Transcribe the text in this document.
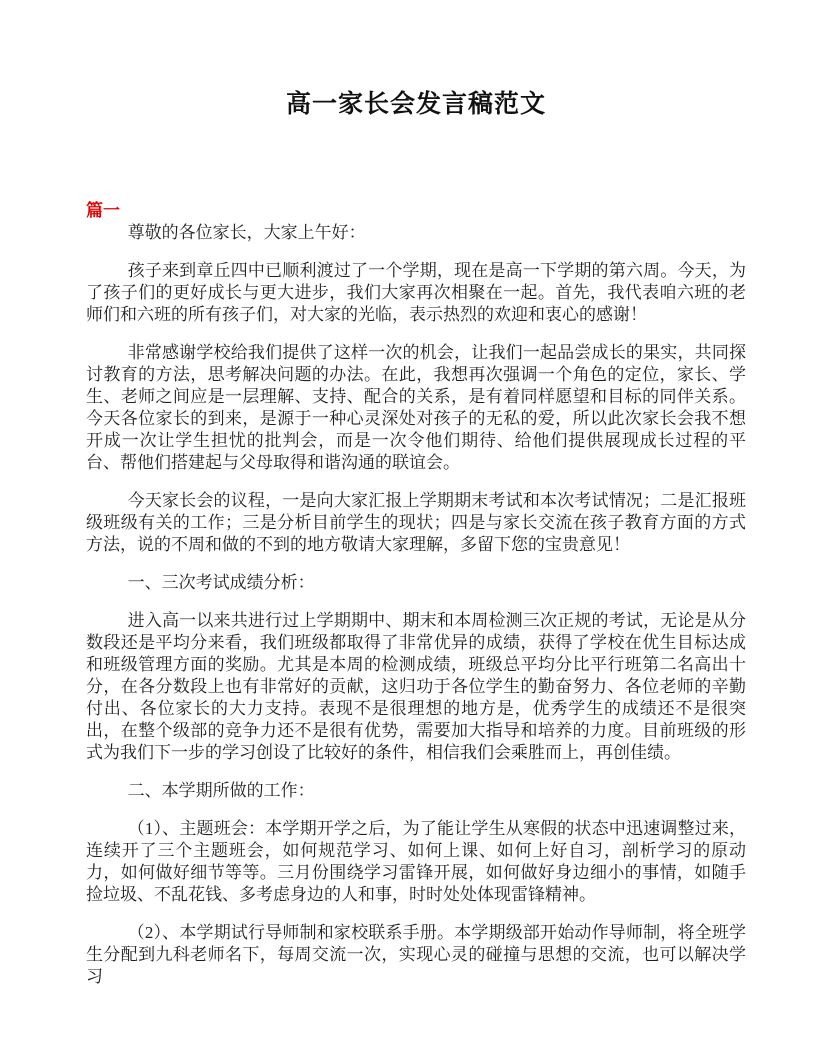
高一家长会发言稿范文
篇一

尊敬的各位家长，大家上午好：

孩子来到章丘四中已顺利渡过了一个学期，现在是高一下学期的第六周。今天，为了孩子们的更好成长与更大进步，我们大家再次相聚在一起。首先，我代表咱六班的老师们和六班的所有孩子们，对大家的光临，表示热烈的欢迎和衷心的感谢！

非常感谢学校给我们提供了这样一次的机会，让我们一起品尝成长的果实，共同探讨教育的方法，思考解决问题的办法。在此，我想再次强调一个角色的定位，家长、学生、老师之间应是一层理解、支持、配合的关系，是有着同样愿望和目标的同伴关系。今天各位家长的到来，是源于一种心灵深处对孩子的无私的爱，所以此次家长会我不想开成一次让学生担忧的批判会，而是一次令他们期待、给他们提供展现成长过程的平台、帮他们搭建起与父母取得和谐沟通的联谊会。

今天家长会的议程，一是向大家汇报上学期期末考试和本次考试情况；二是汇报班级班级有关的工作；三是分析目前学生的现状；四是与家长交流在孩子教育方面的方式方法，说的不周和做的不到的地方敬请大家理解，多留下您的宝贵意见！

一、三次考试成绩分析：

进入高一以来共进行过上学期期中、期末和本周检测三次正规的考试，无论是从分数段还是平均分来看，我们班级都取得了非常优异的成绩，获得了学校在优生目标达成和班级管理方面的奖励。尤其是本周的检测成绩，班级总平均分比平行班第二名高出十分，在各分数段上也有非常好的贡献，这归功于各位学生的勤奋努力、各位老师的辛勤付出、各位家长的大力支持。表现不是很理想的地方是，优秀学生的成绩还不是很突出，在整个级部的竞争力还不是很有优势，需要加大指导和培养的力度。目前班级的形式为我们下一步的学习创设了比较好的条件，相信我们会乘胜而上，再创佳绩。

二、本学期所做的工作：

（1）、主题班会：本学期开学之后，为了能让学生从寒假的状态中迅速调整过来，连续开了三个主题班会，如何规范学习、如何上课、如何上好自习，剖析学习的原动力，如何做好细节等等。三月份围绕学习雷锋开展，如何做好身边细小的事情，如随手捡垃圾、不乱花钱、多考虑身边的人和事，时时处处体现雷锋精神。

（2）、本学期试行导师制和家校联系手册。本学期级部开始动作导师制，将全班学生分配到九科老师名下，每周交流一次，实现心灵的碰撞与思想的交流，也可以解决学习
